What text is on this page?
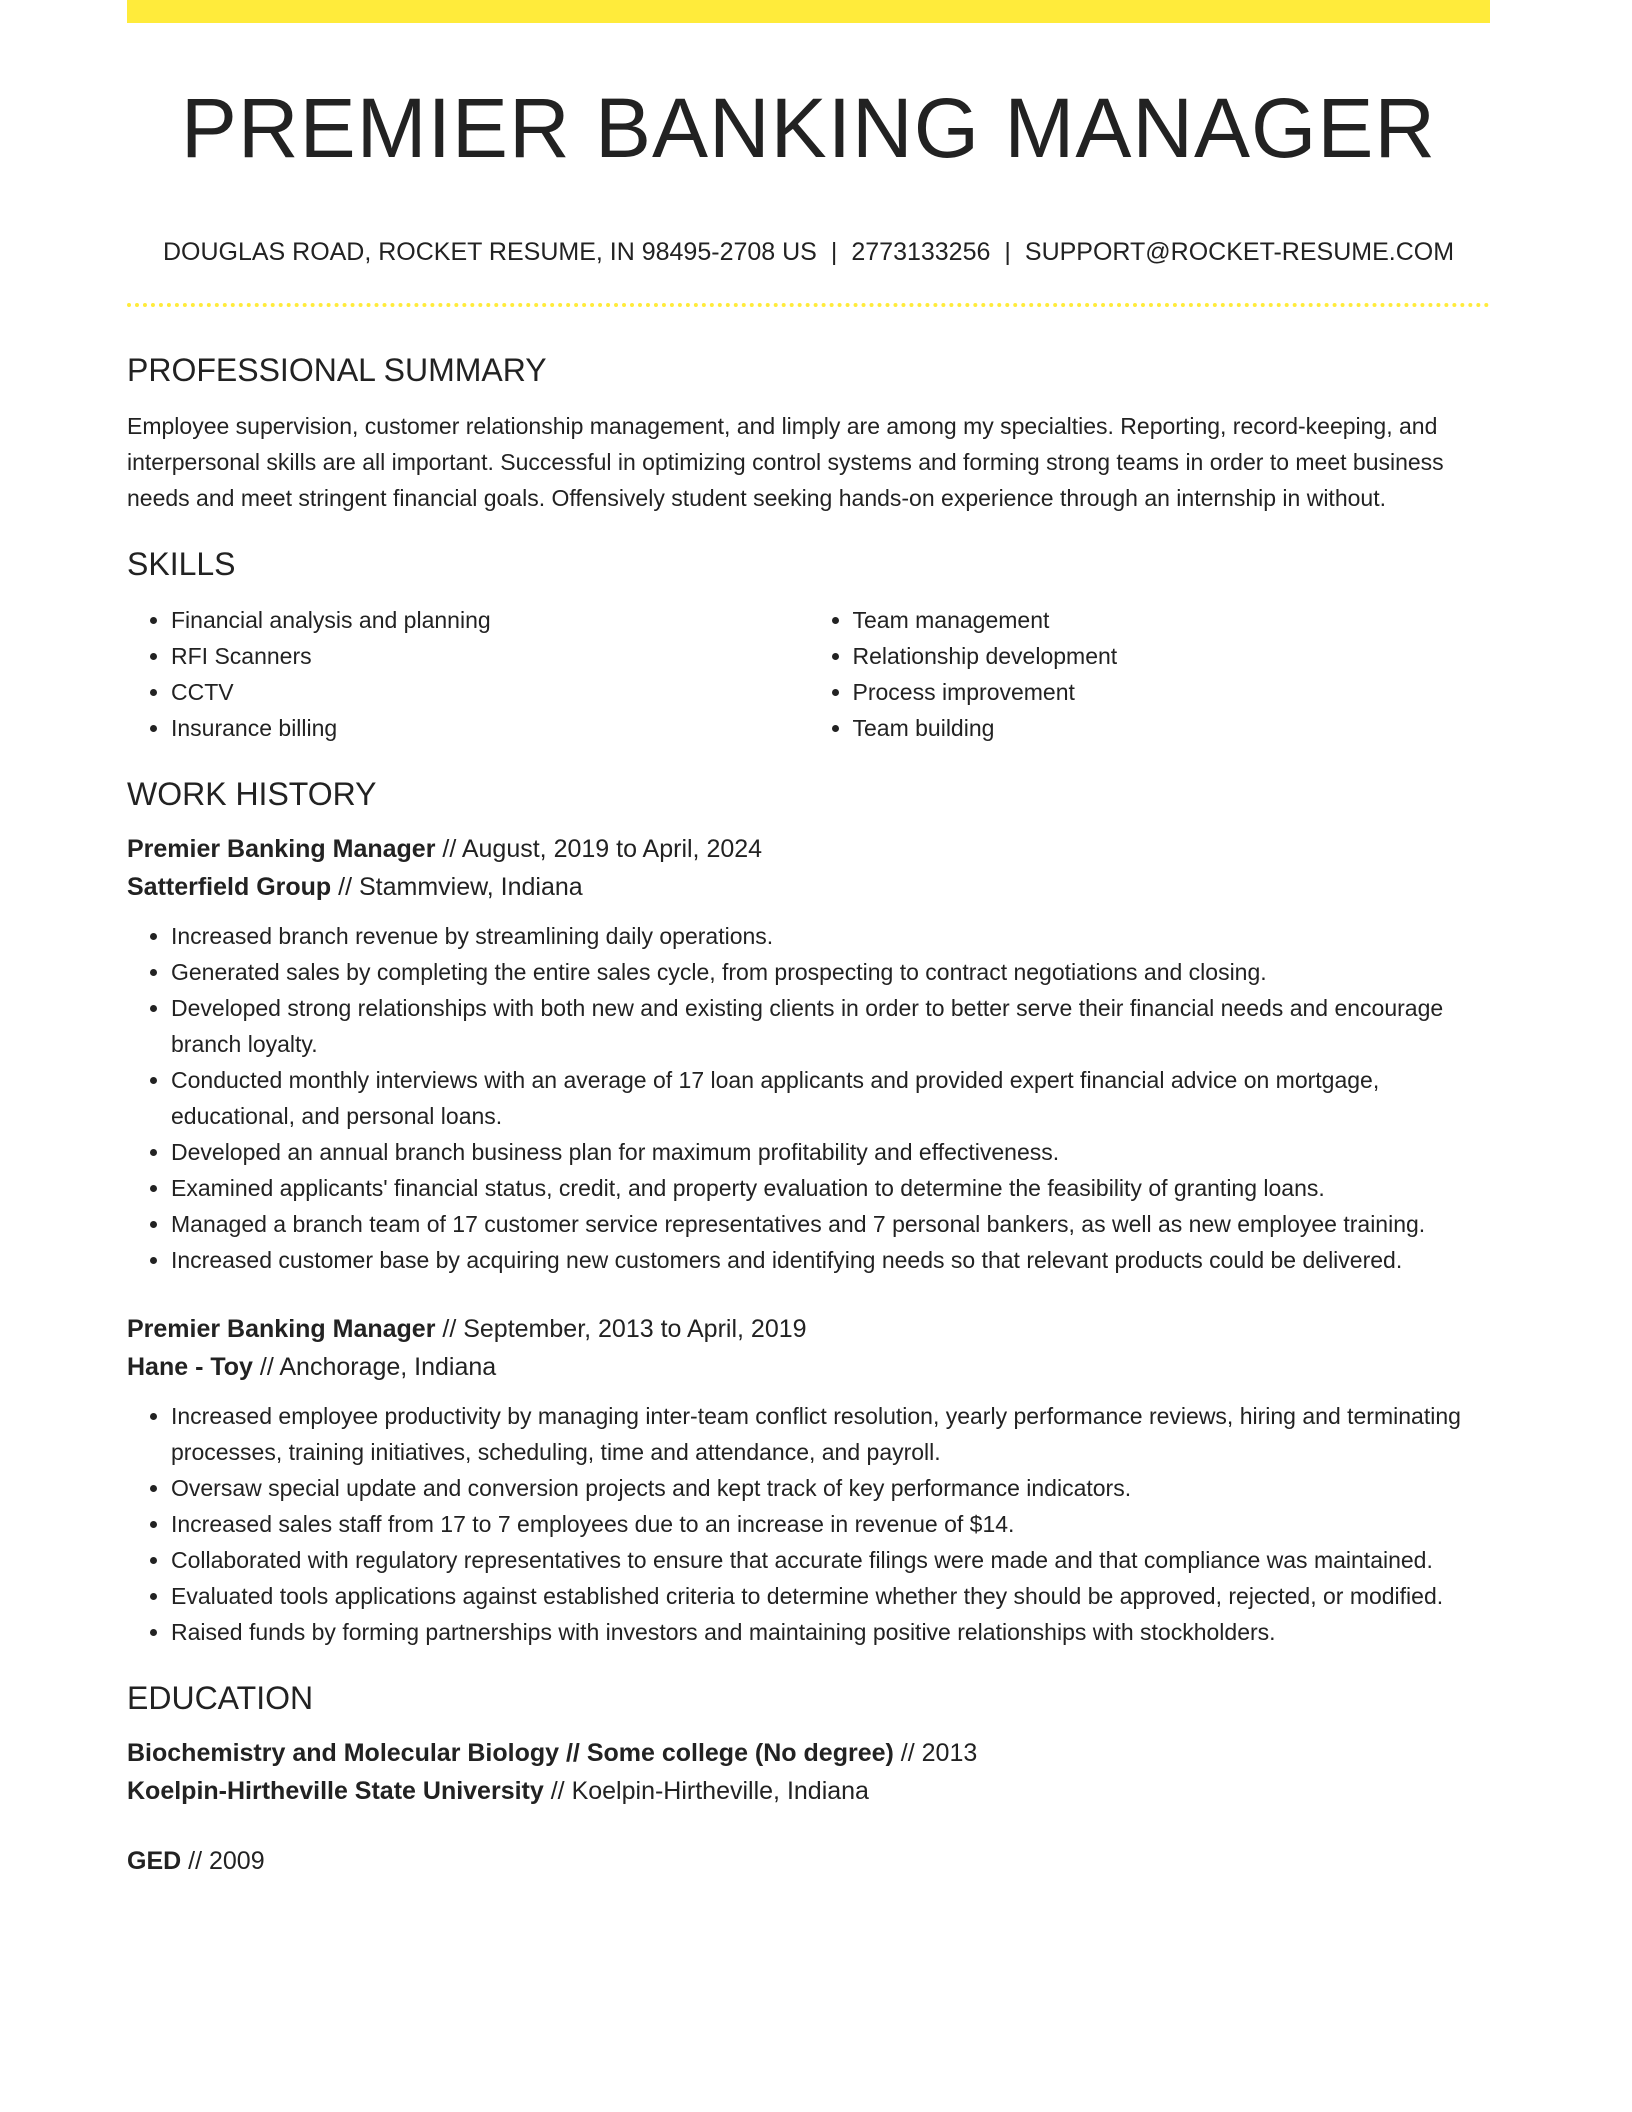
PREMIER BANKING MANAGER
DOUGLAS ROAD, ROCKET RESUME, IN 98495-2708 US | 2773133256 | SUPPORT@ROCKET-RESUME.COM
PROFESSIONAL SUMMARY

Employee supervision, customer relationship management, and limply are among my specialties. Reporting, record-keeping, and interpersonal skills are all important. Successful in optimizing control systems and forming strong teams in order to meet business needs and meet stringent financial goals. Offensively student seeking hands-on experience through an internship in without.

SKILLS
• Financial analysis and planning
• RFI Scanners
• CCTV
• Insurance billing
• Team management
• Relationship development
• Process improvement
• Team building
WORK HISTORY
Premier Banking Manager // August, 2019 to April, 2024
Satterfield Group // Stammview, Indiana
• Increased branch revenue by streamlining daily operations.
• Generated sales by completing the entire sales cycle, from prospecting to contract negotiations and closing.
• Developed strong relationships with both new and existing clients in order to better serve their financial needs and encourage branch loyalty.
• Conducted monthly interviews with an average of 17 loan applicants and provided expert financial advice on mortgage, educational, and personal loans.
• Developed an annual branch business plan for maximum profitability and effectiveness.
• Examined applicants' financial status, credit, and property evaluation to determine the feasibility of granting loans.
• Managed a branch team of 17 customer service representatives and 7 personal bankers, as well as new employee training.
• Increased customer base by acquiring new customers and identifying needs so that relevant products could be delivered.
Premier Banking Manager // September, 2013 to April, 2019
Hane - Toy // Anchorage, Indiana
• Increased employee productivity by managing inter-team conflict resolution, yearly performance reviews, hiring and terminating processes, training initiatives, scheduling, time and attendance, and payroll.
• Oversaw special update and conversion projects and kept track of key performance indicators.
• Increased sales staff from 17 to 7 employees due to an increase in revenue of $14.
• Collaborated with regulatory representatives to ensure that accurate filings were made and that compliance was maintained.
• Evaluated tools applications against established criteria to determine whether they should be approved, rejected, or modified.
• Raised funds by forming partnerships with investors and maintaining positive relationships with stockholders.
EDUCATION
Biochemistry and Molecular Biology // Some college (No degree) // 2013
Koelpin-Hirtheville State University // Koelpin-Hirtheville, Indiana
GED // 2009
